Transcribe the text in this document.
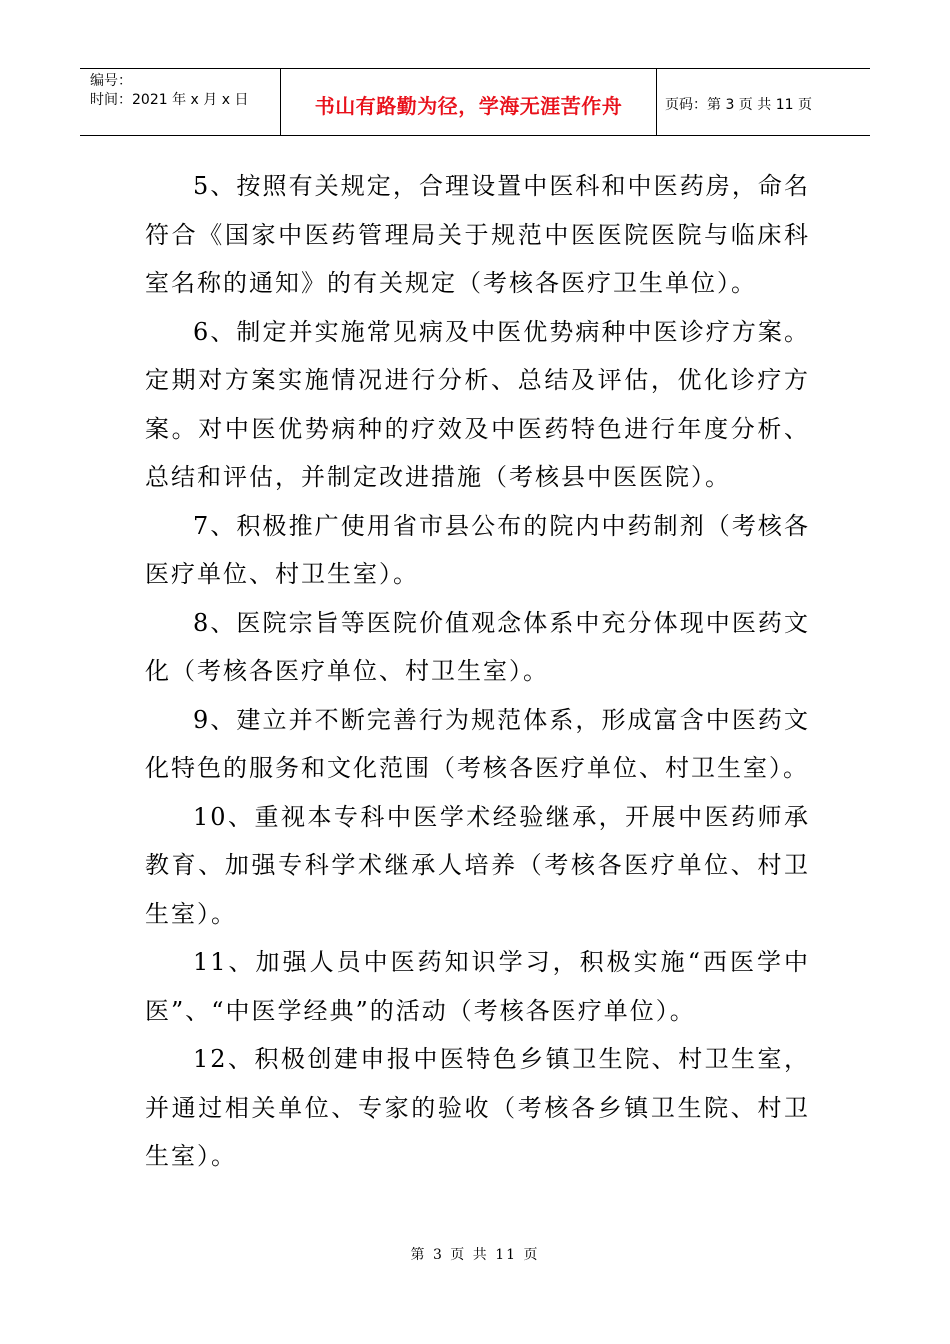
编号：
时间：2021 年 x 月 x 日	书山有路勤为径，学海无涯苦作舟	页码：第 3 页 共 11 页

5、按照有关规定，合理设置中医科和中医药房，命名符合《国家中医药管理局关于规范中医医院医院与临床科室名称的通知》的有关规定（考核各医疗卫生单位）。

6、制定并实施常见病及中医优势病种中医诊疗方案。定期对方案实施情况进行分析、总结及评估，优化诊疗方案。对中医优势病种的疗效及中医药特色进行年度分析、总结和评估，并制定改进措施（考核县中医医院）。

7、积极推广使用省市县公布的院内中药制剂（考核各医疗单位、村卫生室）。

8、医院宗旨等医院价值观念体系中充分体现中医药文化（考核各医疗单位、村卫生室）。

9、建立并不断完善行为规范体系，形成富含中医药文化特色的服务和文化范围（考核各医疗单位、村卫生室）。

10、重视本专科中医学术经验继承，开展中医药师承教育、加强专科学术继承人培养（考核各医疗单位、村卫生室）。

11、加强人员中医药知识学习，积极实施“西医学中医”、“中医学经典”的活动（考核各医疗单位）。

12、积极创建申报中医特色乡镇卫生院、村卫生室，并通过相关单位、专家的验收（考核各乡镇卫生院、村卫生室）。

第 3 页 共 11 页
